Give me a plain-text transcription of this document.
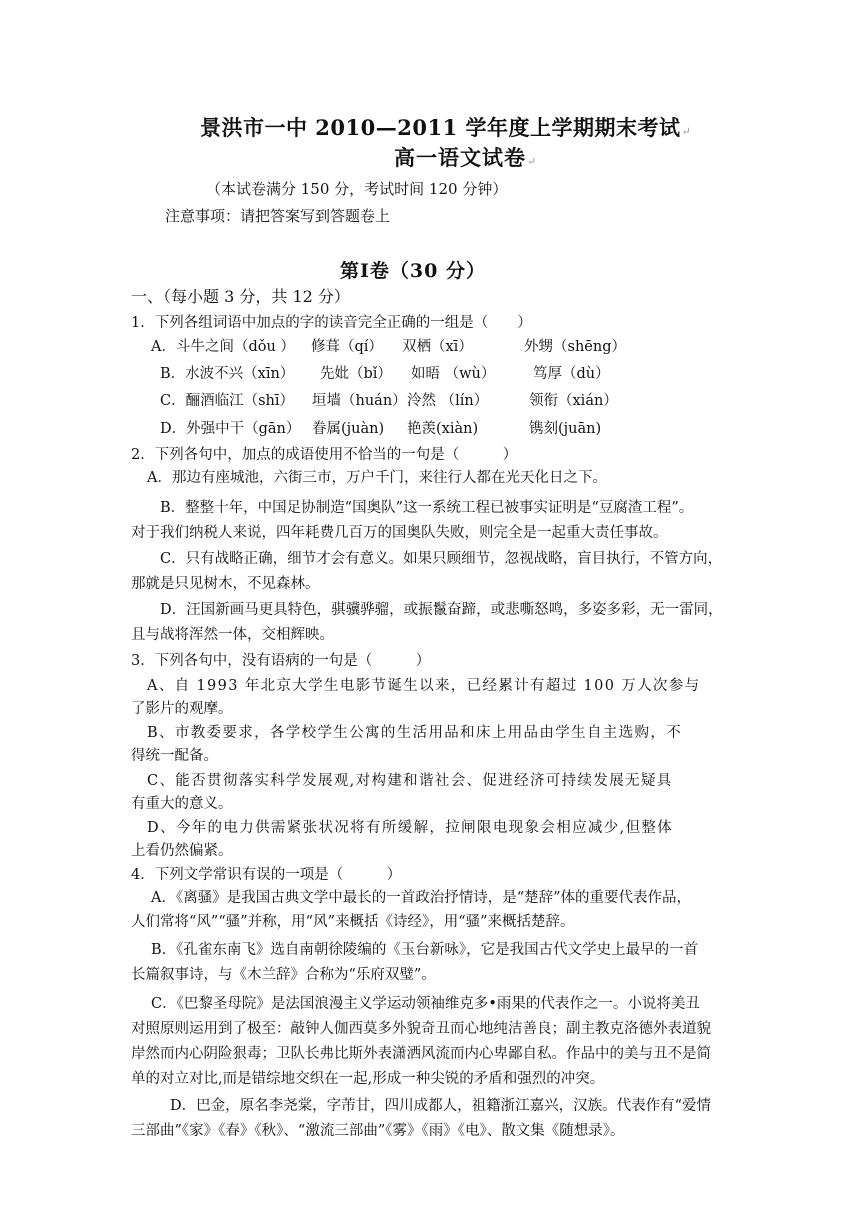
景洪市一中 2010—2011 学年度上学期期末考试↵
高一语文试卷↵
（本试卷满分 150 分，考试时间 120 分钟）
注意事项：请把答案写到答题卷上
第Ⅰ卷（30 分）
一、（每小题 3 分，共 12 分）
1．下列各组词语中加点的字的读音完全正确的一组是（　　）
A．斗牛之间（dǒu ） 修葺（qí） 双栖（xī）	外甥（shēng）
B．水波不兴（xīn） 先妣（bǐ） 如晤 （wù）	笃厚（dù）
C．酾酒临江（shī） 垣墙（huán）泠然 （lín）	领衔（xián）
D．外强中干（gān） 眷属(juàn) 艳羡(xiàn)	镌刻(juān)
2．下列各句中，加点的成语使用不恰当的一句是（　　　）
A．那边有座城池，六街三市，万户千门，来往行人都在光天化日之下。
B．整整十年，中国足协制造“国奥队”这一系统工程已被事实证明是“豆腐渣工程”。
对于我们纳税人来说，四年耗费几百万的国奥队失败，则完全是一起重大责任事故。
C．只有战略正确，细节才会有意义。如果只顾细节，忽视战略，盲目执行，不管方向，
那就是只见树木，不见森林。
D．汪国新画马更具特色，骐骥骅骝，或振鬣奋蹄，或悲嘶怒鸣，多姿多彩，无一雷同，
且与战将浑然一体，交相辉映。
3．下列各句中，没有语病的一句是（　　　）
A、自 1993 年北京大学生电影节诞生以来，已经累计有超过 100 万人次参与
了影片的观摩。
B、市教委要求，各学校学生公寓的生活用品和床上用品由学生自主选购，不
得统一配备。
C、能否贯彻落实科学发展观,对构建和谐社会、促进经济可持续发展无疑具
有重大的意义。
D、今年的电力供需紧张状况将有所缓解，拉闸限电现象会相应减少,但整体
上看仍然偏紧。
4．下列文学常识有误的一项是（　　　）
A．《离骚》是我国古典文学中最长的一首政治抒情诗，是“楚辞”体的重要代表作品，
人们常将“风”“骚”并称，用“风”来概括《诗经》，用“骚”来概括楚辞。
B．《孔雀东南飞》选自南朝徐陵编的《玉台新咏》，它是我国古代文学史上最早的一首
长篇叙事诗，与《木兰辞》合称为“乐府双璧”。
C．《巴黎圣母院》是法国浪漫主义学运动领袖维克多•雨果的代表作之一。小说将美丑
对照原则运用到了极至：敲钟人伽西莫多外貌奇丑而心地纯洁善良；副主教克洛德外表道貌
岸然而内心阴险狠毒；卫队长弗比斯外表潇洒风流而内心卑鄙自私。作品中的美与丑不是简
单的对立对比,而是错综地交织在一起,形成一种尖锐的矛盾和强烈的冲突。
D．巴金，原名李尧棠，字芾甘，四川成都人，祖籍浙江嘉兴，汉族。代表作有“爱情
三部曲”《家》《春》《秋》、“激流三部曲”《雾》《雨》《电》、散文集《随想录》。
